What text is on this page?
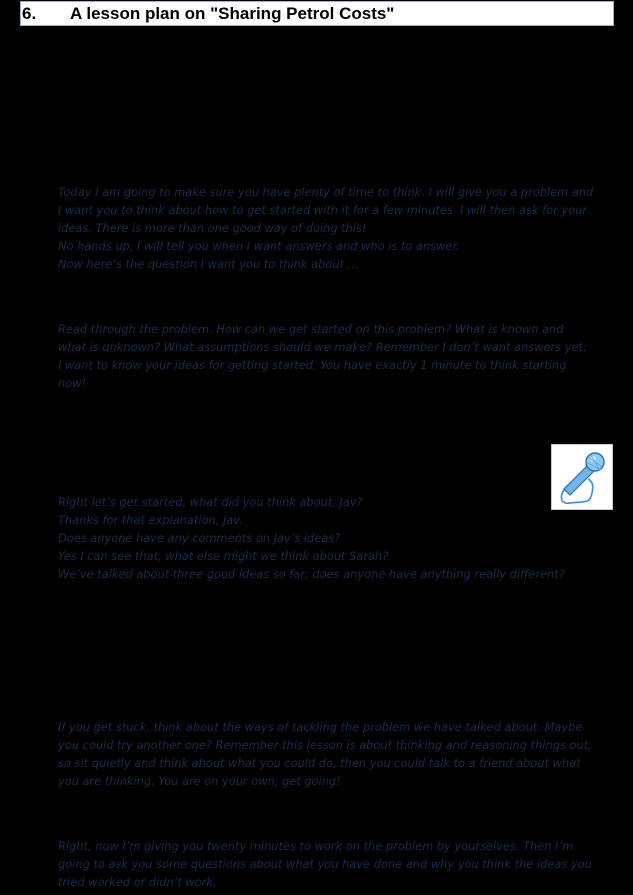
6.	A lesson plan on "Sharing Petrol Costs"
Today I am going to make sure you have plenty of time to think. I will give you a problem and
I want you to think about how to get started with it for a few minutes. I will then ask for your
ideas. There is more than one good way of doing this!
No hands up, I will tell you when I want answers and who is to answer.
Now here’s the question I want you to think about ...
Read through the problem. How can we get started on this problem? What is known and
what is unknown? What assumptions should we make? Remember I don’t want answers yet;
I want to know your ideas for getting started. You have exactly 1 minute to think starting
now!
Right let’s get started, what did you think about, Jav?
Thanks for that explanation, Jav.
Does anyone have any comments on Jav’s ideas?
Yes I can see that, what else might we think about Sarah?
We’ve talked about three good ideas so far; does anyone have anything really different?
If you get stuck, think about the ways of tackling the problem we have talked about. Maybe
you could try another one? Remember this lesson is about thinking and reasoning things out,
so sit quietly and think about what you could do, then you could talk to a friend about what
you are thinking. You are on your own, get going!
Right, now I’m giving you twenty minutes to work on the problem by yourselves. Then I’m
going to ask you some questions about what you have done and why you think the ideas you
tried worked or didn’t work.
